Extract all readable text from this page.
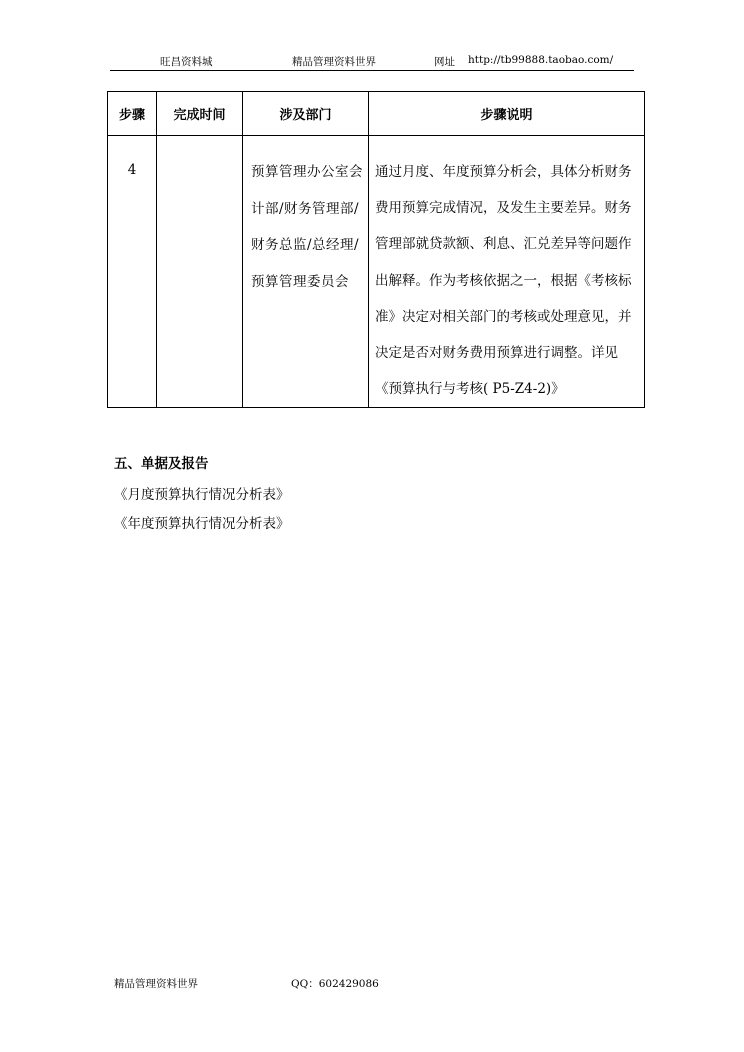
旺昌资料城	精品管理资料世界	网址 http://tb99888.taobao.com/
步骤	完成时间	涉及部门	步骤说明
4		预算管理办公室会计部/财务管理部/财务总监/总经理/预算管理委员会	通过月度、年度预算分析会，具体分析财务费用预算完成情况，及发生主要差异。财务管理部就贷款额、利息、汇兑差异等问题作出解释。作为考核依据之一，根据《考核标准》决定对相关部门的考核或处理意见，并决定是否对财务费用预算进行调整。详见《预算执行与考核( P5-Z4-2)》
五、单据及报告
《月度预算执行情况分析表》
《年度预算执行情况分析表》
精品管理资料世界	QQ：602429086
